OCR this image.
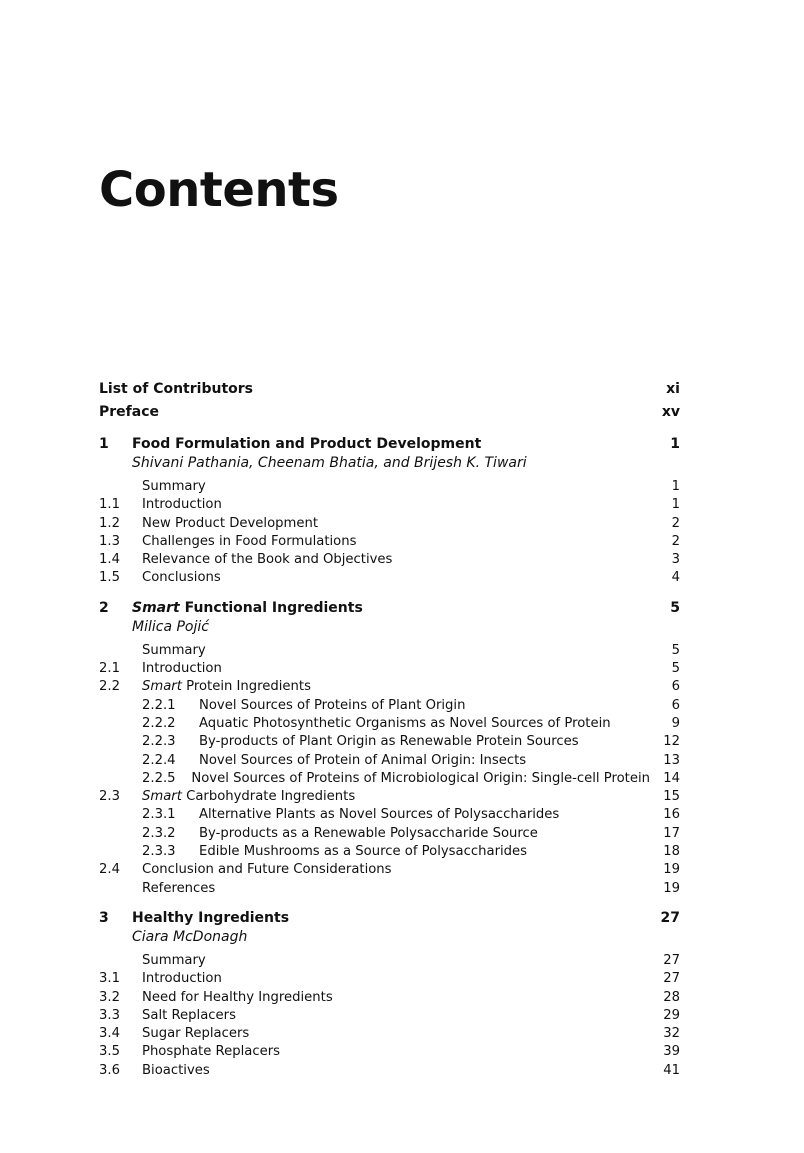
Contents
List of Contributors	xi
Preface	xv
1	Food Formulation and Product Development	1
Shivani Pathania, Cheenam Bhatia, and Brijesh K. Tiwari
Summary	1
1.1	Introduction	1
1.2	New Product Development	2
1.3	Challenges in Food Formulations	2
1.4	Relevance of the Book and Objectives	3
1.5	Conclusions	4
2	Smart Functional Ingredients	5
Milica Pojić
Summary	5
2.1	Introduction	5
2.2	Smart Protein Ingredients	6
2.2.1	Novel Sources of Proteins of Plant Origin	6
2.2.2	Aquatic Photosynthetic Organisms as Novel Sources of Protein	9
2.2.3	By-products of Plant Origin as Renewable Protein Sources	12
2.2.4	Novel Sources of Protein of Animal Origin: Insects	13
2.2.5	Novel Sources of Proteins of Microbiological Origin: Single-cell Protein	14
2.3	Smart Carbohydrate Ingredients	15
2.3.1	Alternative Plants as Novel Sources of Polysaccharides	16
2.3.2	By-products as a Renewable Polysaccharide Source	17
2.3.3	Edible Mushrooms as a Source of Polysaccharides	18
2.4	Conclusion and Future Considerations	19
References	19
3	Healthy Ingredients	27
Ciara McDonagh
Summary	27
3.1	Introduction	27
3.2	Need for Healthy Ingredients	28
3.3	Salt Replacers	29
3.4	Sugar Replacers	32
3.5	Phosphate Replacers	39
3.6	Bioactives	41
